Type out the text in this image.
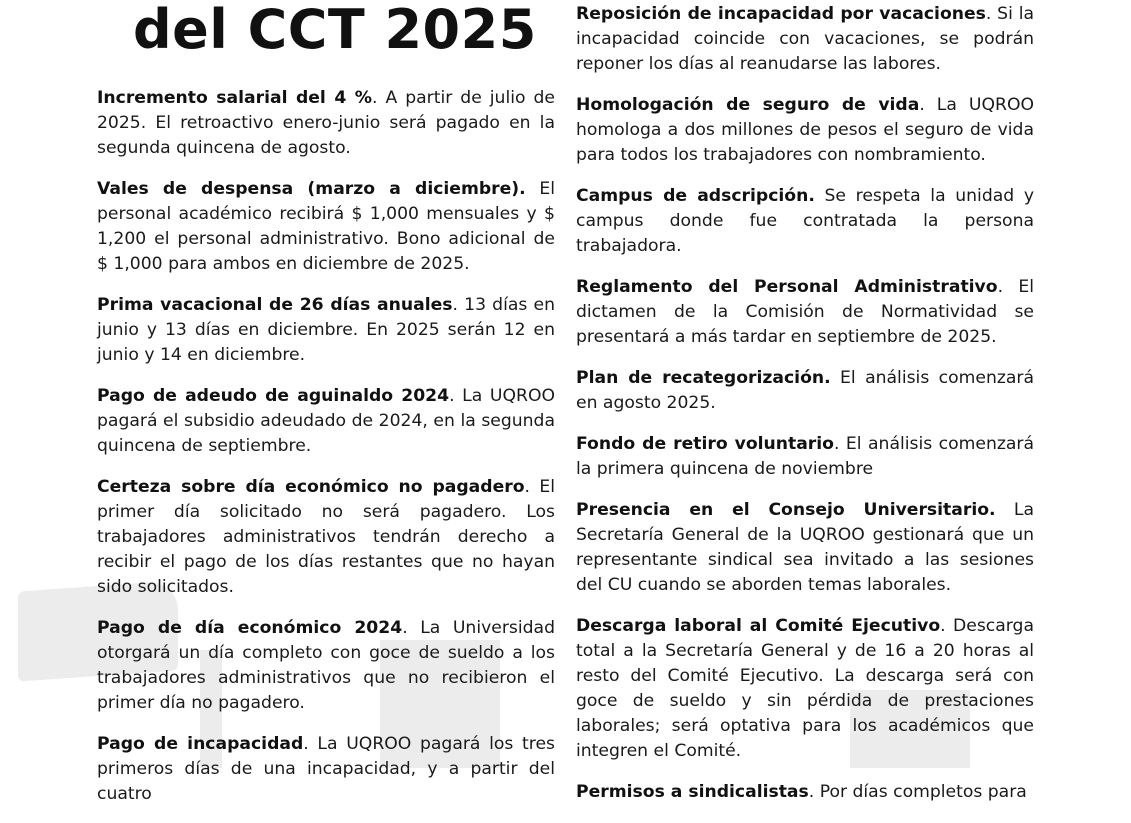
del CCT 2025

Incremento salarial del 4 %. A partir de julio de 2025. El retroactivo enero-junio será pagado en la segunda quincena de agosto.

Vales de despensa (marzo a diciembre). El personal académico recibirá $ 1,000 mensuales y $ 1,200 el personal administrativo. Bono adicional de $ 1,000 para ambos en diciembre de 2025.

Prima vacacional de 26 días anuales. 13 días en junio y 13 días en diciembre. En 2025 serán 12 en junio y 14 en diciembre.

Pago de adeudo de aguinaldo 2024. La UQROO pagará el subsidio adeudado de 2024, en la segunda quincena de septiembre.

Certeza sobre día económico no pagadero. El primer día solicitado no será pagadero. Los trabajadores administrativos tendrán derecho a recibir el pago de los días restantes que no hayan sido solicitados.

Pago de día económico 2024. La Universidad otorgará un día completo con goce de sueldo a los trabajadores administrativos que no recibieron el primer día no pagadero.

Pago de incapacidad. La UQROO pagará los tres primeros días de una incapacidad, y a partir del cuatro

Reposición de incapacidad por vacaciones. Si la incapacidad coincide con vacaciones, se podrán reponer los días al reanudarse las labores.

Homologación de seguro de vida. La UQROO homologa a dos millones de pesos el seguro de vida para todos los trabajadores con nombramiento.

Campus de adscripción. Se respeta la unidad y campus donde fue contratada la persona trabajadora.

Reglamento del Personal Administrativo. El dictamen de la Comisión de Normatividad se presentará a más tardar en septiembre de 2025.

Plan de recategorización. El análisis comenzará en agosto 2025.

Fondo de retiro voluntario. El análisis comenzará la primera quincena de noviembre

Presencia en el Consejo Universitario. La Secretaría General de la UQROO gestionará que un representante sindical sea invitado a las sesiones del CU cuando se aborden temas laborales.

Descarga laboral al Comité Ejecutivo. Descarga total a la Secretaría General y de 16 a 20 horas al resto del Comité Ejecutivo. La descarga será con goce de sueldo y sin pérdida de prestaciones laborales; será optativa para los académicos que integren el Comité.

Permisos a sindicalistas. Por días completos para
